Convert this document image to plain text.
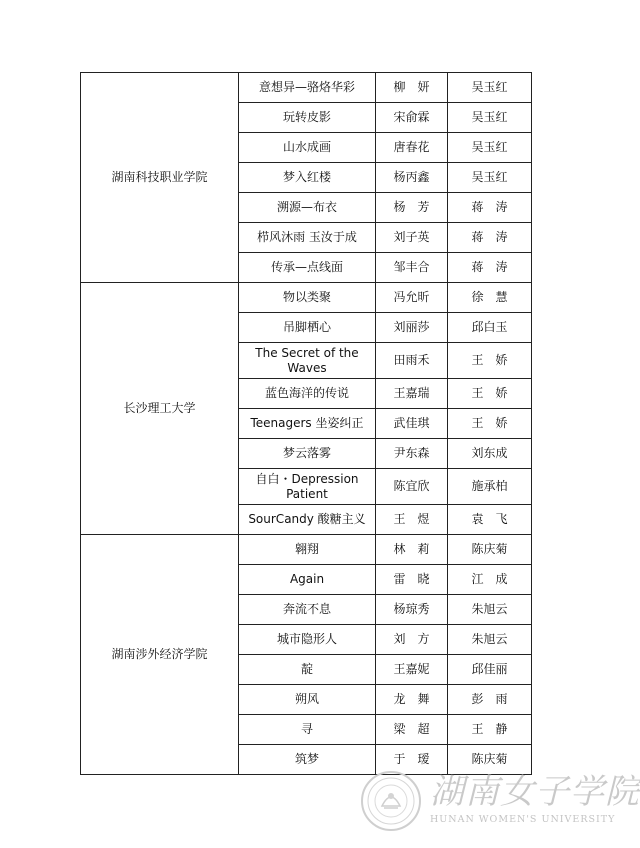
湖南科技职业学院	意想异—骆烙华彩	柳　妍	吴玉红
	玩转皮影	宋俞霖	吴玉红
	山水成画	唐春花	吴玉红
	梦入红楼	杨丙鑫	吴玉红
	溯源—布衣	杨　芳	蒋　涛
	栉风沐雨 玉汝于成	刘子英	蒋　涛
	传承—点线面	邹丰合	蒋　涛
长沙理工大学	物以类聚	冯允昕	徐　慧
	吊脚栖心	刘丽莎	邱白玉
	The Secret of the Waves	田雨禾	王　娇
	蓝色海洋的传说	王嘉瑞	王　娇
	Teenagers 坐姿纠正	武佳琪	王　娇
	梦云落雾	尹东森	刘东成
	自白・Depression Patient	陈宜欣	施承柏
	SourCandy 酸糖主义	王　煜	袁　飞
湖南涉外经济学院	翱翔	林　莉	陈庆菊
	Again	雷　晓	江　成
	奔流不息	杨琼秀	朱旭云
	城市隐形人	刘　方	朱旭云
	靛	王嘉妮	邱佳丽
	朔风	龙　舞	彭　雨
	寻	梁　超	王　静
	筑梦	于　瑷	陈庆菊
湖南女子学院
HUNAN WOMEN'S UNIVERSITY
